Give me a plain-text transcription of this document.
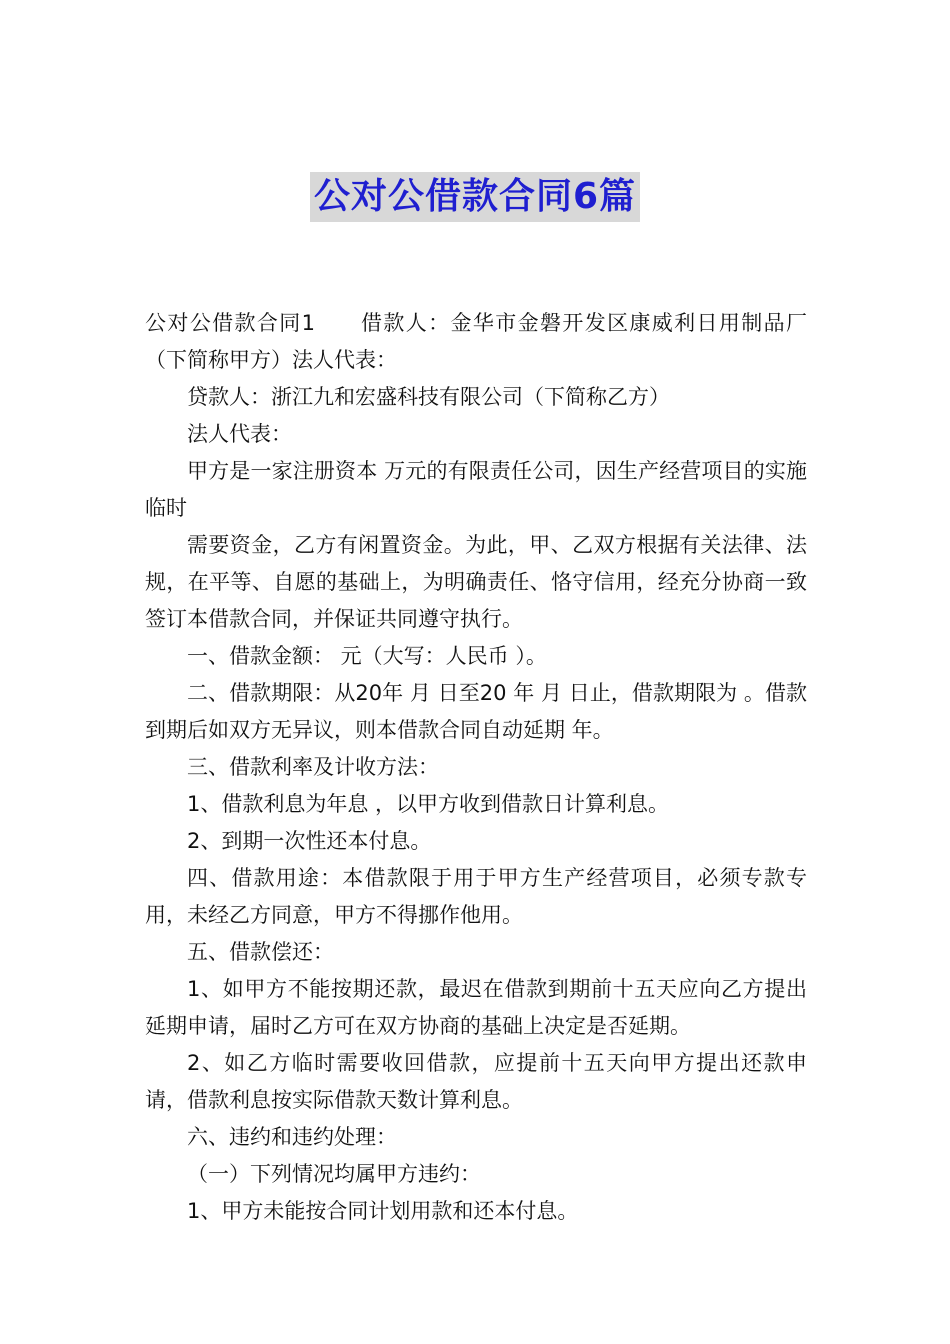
公对公借款合同6篇

公对公借款合同1　　借款人：金华市金磐开发区康威利日用制品厂（下简称甲方）法人代表：

贷款人：浙江九和宏盛科技有限公司（下简称乙方）

法人代表：

甲方是一家注册资本 万元的有限责任公司，因生产经营项目的实施临时

需要资金，乙方有闲置资金。为此，甲、乙双方根据有关法律、法规，在平等、自愿的基础上，为明确责任、恪守信用，经充分协商一致签订本借款合同，并保证共同遵守执行。

一、借款金额： 元（大写：人民币 ）。

二、借款期限：从20年 月 日至20 年 月 日止，借款期限为 。借款到期后如双方无异议，则本借款合同自动延期 年。

三、借款利率及计收方法：

1、借款利息为年息 ，以甲方收到借款日计算利息。

2、到期一次性还本付息。

四、借款用途：本借款限于用于甲方生产经营项目，必须专款专用，未经乙方同意，甲方不得挪作他用。

五、借款偿还：

1、如甲方不能按期还款，最迟在借款到期前十五天应向乙方提出延期申请，届时乙方可在双方协商的基础上决定是否延期。

2、如乙方临时需要收回借款，应提前十五天向甲方提出还款申请，借款利息按实际借款天数计算利息。

六、违约和违约处理：

（一）下列情况均属甲方违约：

1、甲方未能按合同计划用款和还本付息。
